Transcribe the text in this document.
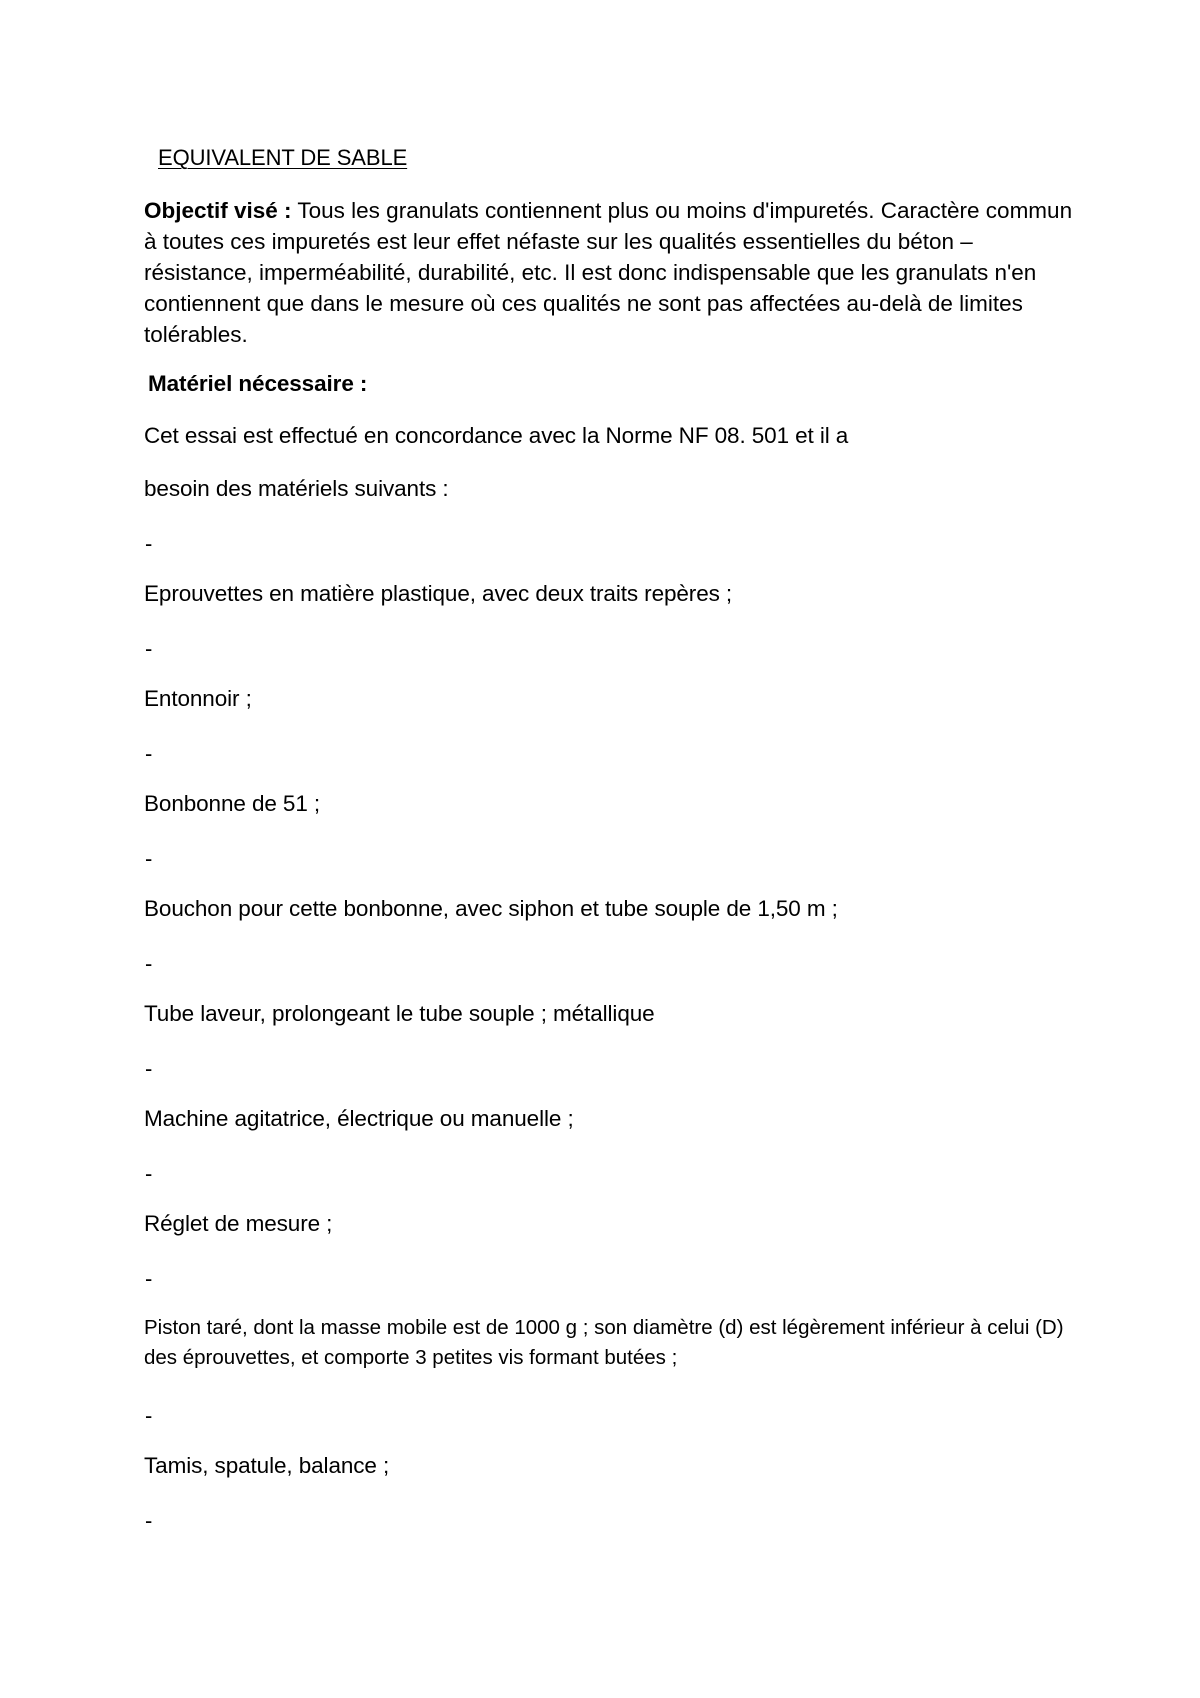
EQUIVALENT DE SABLE
Objectif visé : Tous les granulats contiennent plus ou moins d'impuretés. Caractère commun à toutes ces impuretés est leur effet néfaste sur les qualités essentielles du béton – résistance, imperméabilité, durabilité, etc. Il est donc indispensable que les granulats n'en contiennent que dans le mesure où ces qualités ne sont pas affectées au-delà de limites tolérables.
Matériel nécessaire :
Cet essai est effectué en concordance avec la Norme NF 08. 501 et il a
besoin des matériels suivants :
-
Eprouvettes en matière plastique, avec deux traits repères ;
-
Entonnoir ;
-
Bonbonne de 51 ;
-
Bouchon pour cette bonbonne, avec siphon et tube souple de 1,50 m ;
-
Tube laveur, prolongeant le tube souple ; métallique
-
Machine agitatrice, électrique ou manuelle ;
-
Réglet de mesure ;
-
Piston taré, dont la masse mobile est de 1000 g ; son diamètre (d) est légèrement inférieur à celui (D) des éprouvettes, et comporte 3 petites vis formant butées ;
-
Tamis, spatule, balance ;
-
